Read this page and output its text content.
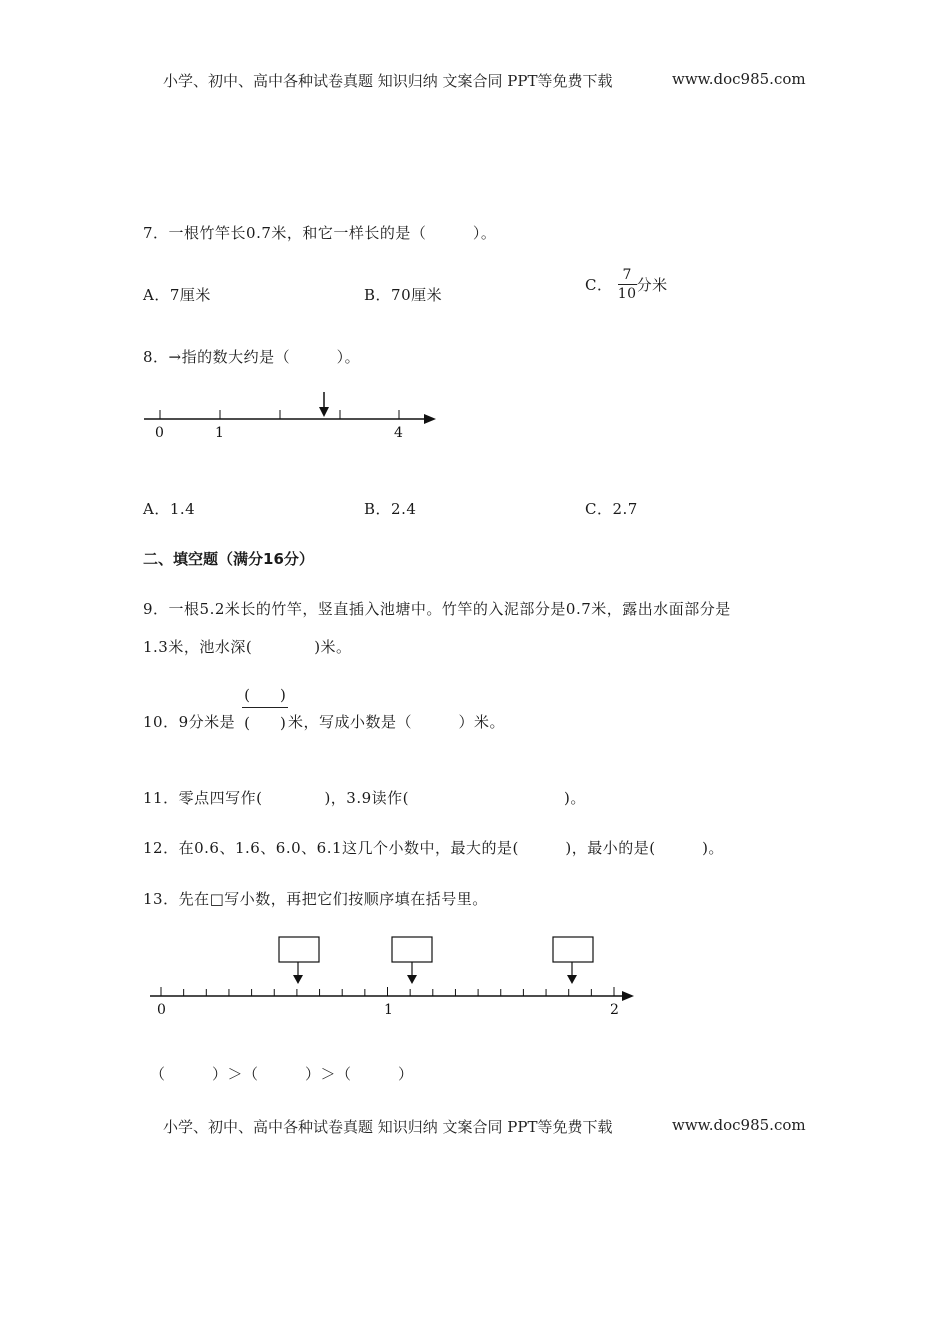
小学、初中、高中各种试卷真题 知识归纳 文案合同 PPT等免费下载	www.doc985.com
7．一根竹竿长0.7米，和它一样长的是（　　　）。
A．7厘米	B．70厘米
C． $\frac{7}{10}$ 分米
8．→指的数大约是（　　　）。
0	1	4
A．1.4	B．2.4	C．2.7
二、填空题（满分16分）
9．一根5.2米长的竹竿，竖直插入池塘中。竹竿的入泥部分是0.7米，露出水面部分是
1.3米，池水深(　　　　)米。
10．9分米是
(　　)
(　　) 米，写成小数是（　　　）米。
11．零点四写作(　　　　)，3.9读作(　　　　　　　　　　)。
12．在0.6、1.6、6.0、6.1这几个小数中，最大的是(　　　)，最小的是(　　　)。
13．先在□写小数，再把它们按顺序填在括号里。
0	1	2
（　　　）＞（　　　）＞（　　　）
小学、初中、高中各种试卷真题 知识归纳 文案合同 PPT等免费下载	www.doc985.com
